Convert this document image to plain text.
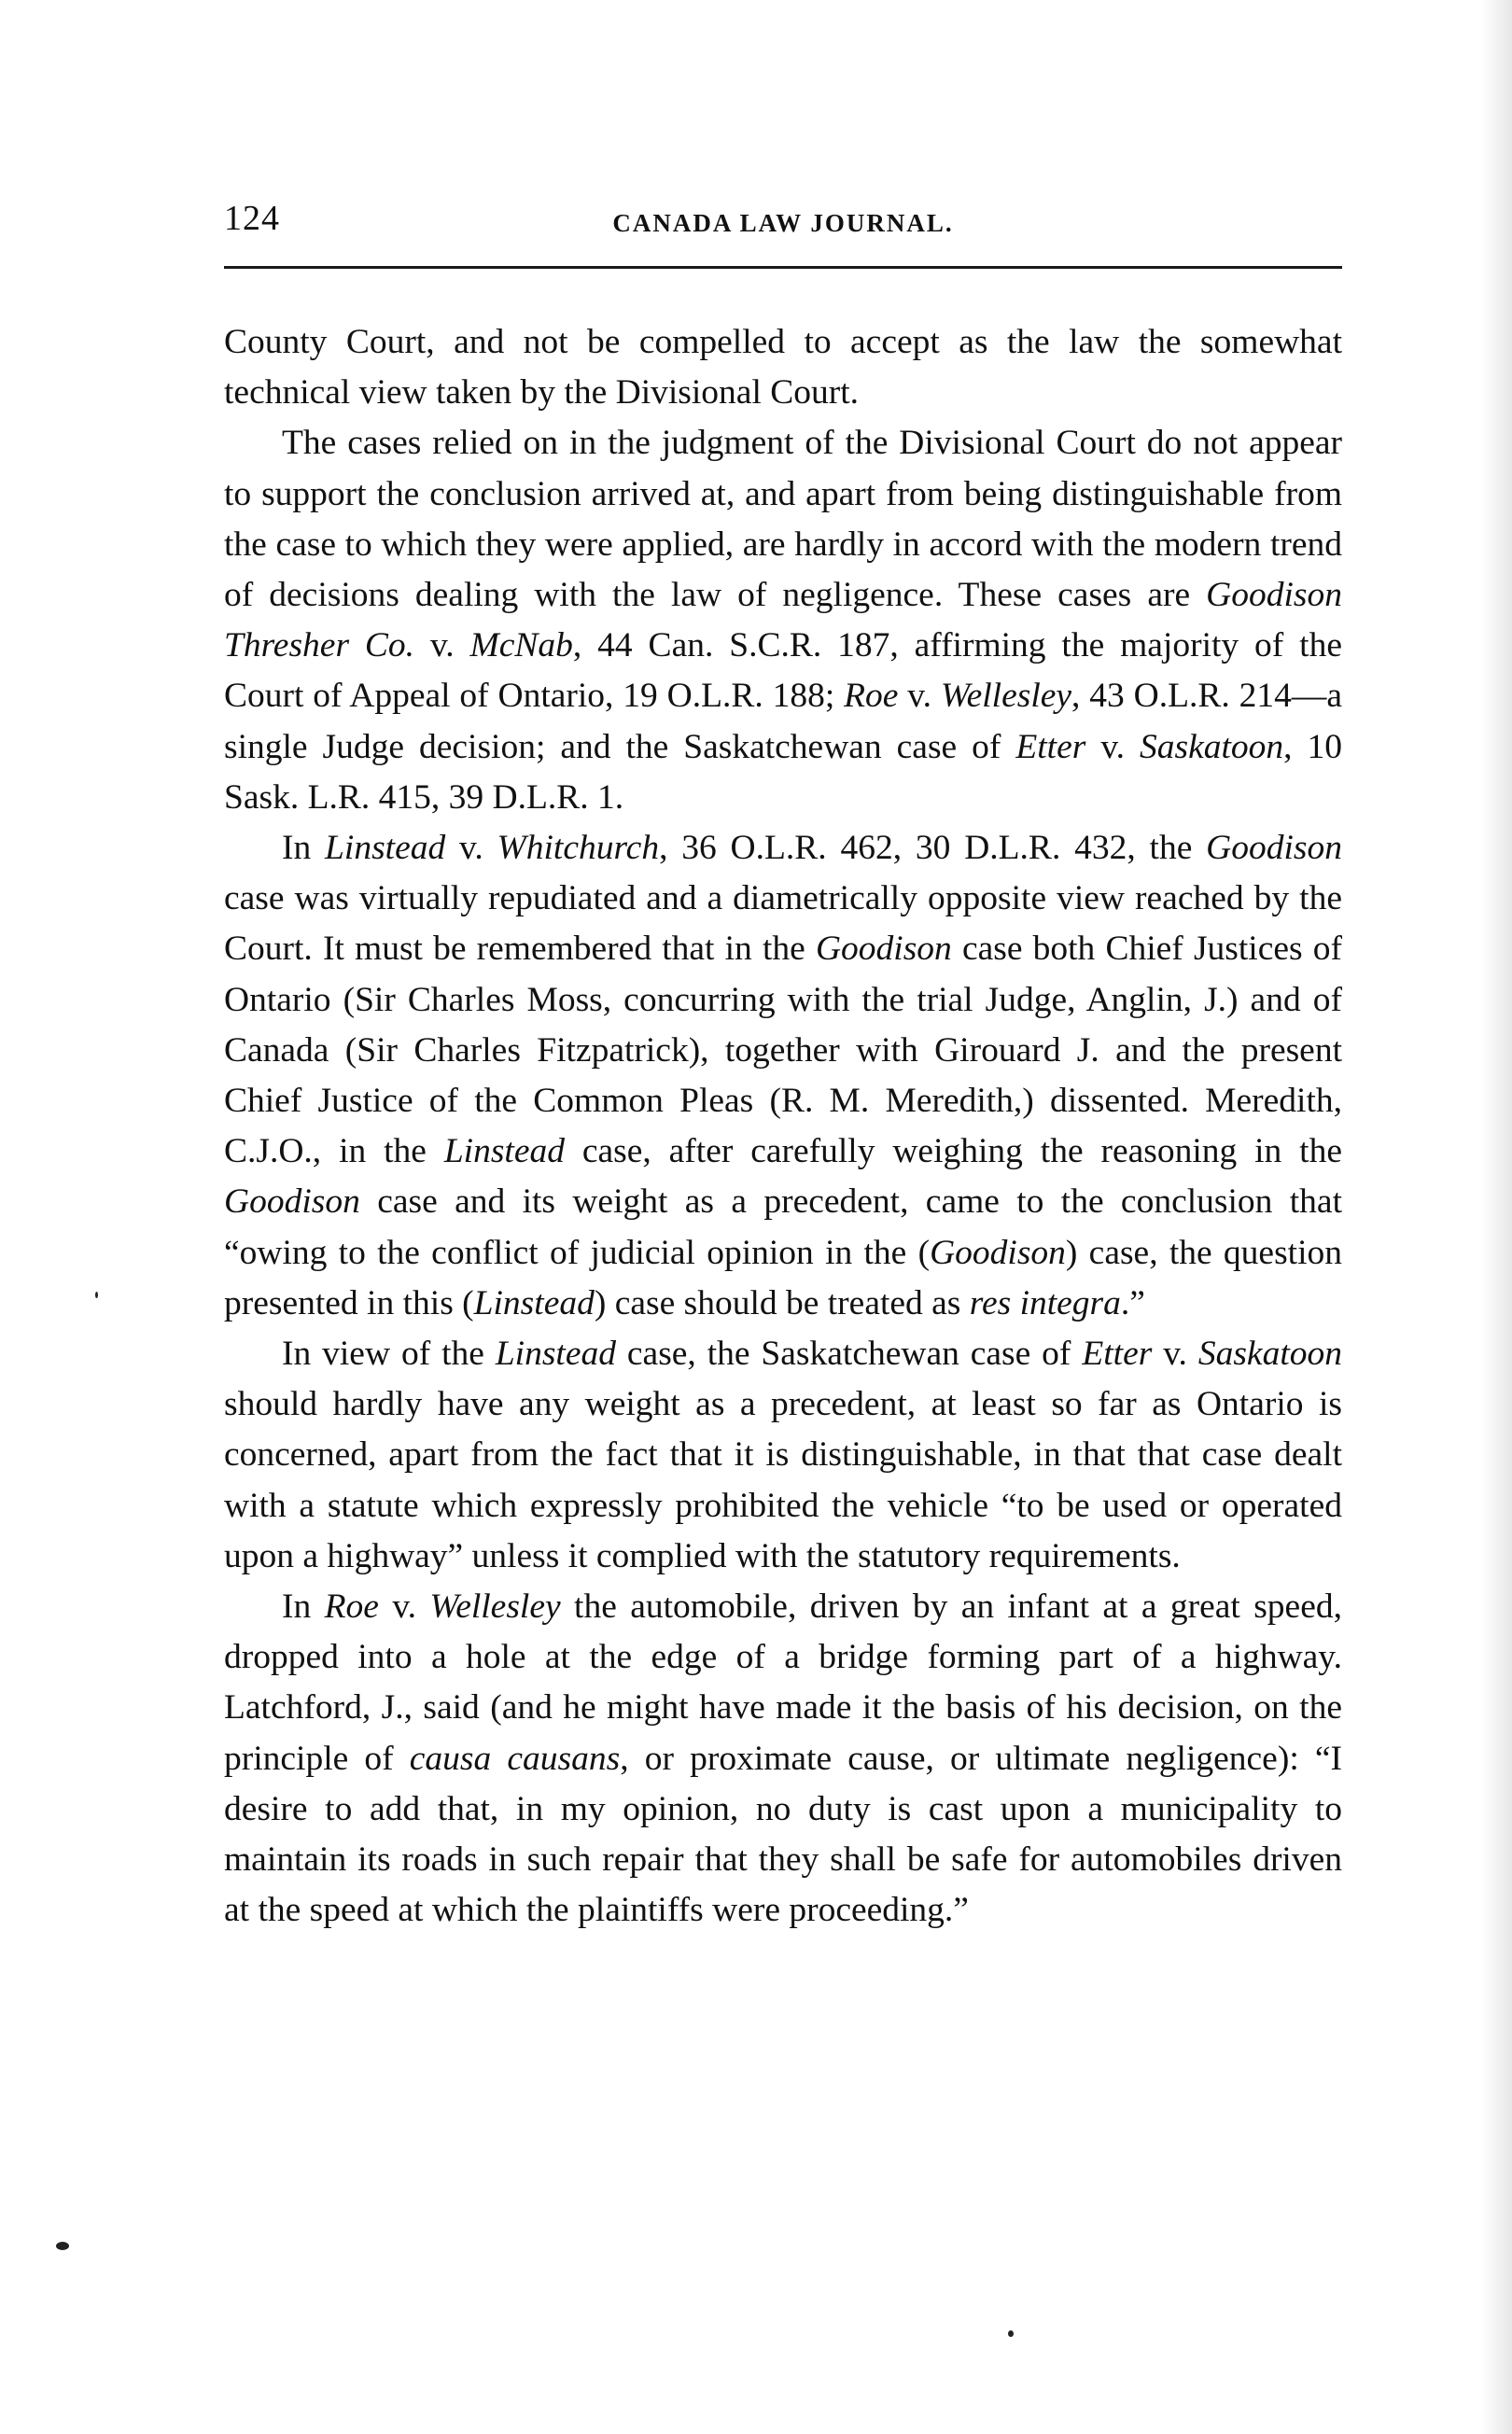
124	CANADA LAW JOURNAL.

County Court, and not be compelled to accept as the law the somewhat technical view taken by the Divisional Court.

The cases relied on in the judgment of the Divisional Court do not appear to support the conclusion arrived at, and apart from being distinguishable from the case to which they were applied, are hardly in accord with the modern trend of decisions dealing with the law of negligence. These cases are Goodison Thresher Co. v. McNab, 44 Can. S.C.R. 187, affirming the majority of the Court of Appeal of Ontario, 19 O.L.R. 188; Roe v. Wellesley, 43 O.L.R. 214—a single Judge decision; and the Saskatchewan case of Etter v. Saskatoon, 10 Sask. L.R. 415, 39 D.L.R. 1.

In Linstead v. Whitchurch, 36 O.L.R. 462, 30 D.L.R. 432, the Goodison case was virtually repudiated and a diametrically opposite view reached by the Court. It must be remembered that in the Goodison case both Chief Justices of Ontario (Sir Charles Moss, concurring with the trial Judge, Anglin, J.) and of Canada (Sir Charles Fitzpatrick), together with Girouard J. and the present Chief Justice of the Common Pleas (R. M. Meredith,) dissented. Meredith, C.J.O., in the Linstead case, after carefully weighing the reasoning in the Goodison case and its weight as a precedent, came to the conclusion that “owing to the conflict of judicial opinion in the (Goodison) case, the question presented in this (Linstead) case should be treated as res integra.”

In view of the Linstead case, the Saskatchewan case of Etter v. Saskatoon should hardly have any weight as a precedent, at least so far as Ontario is concerned, apart from the fact that it is distinguishable, in that that case dealt with a statute which expressly prohibited the vehicle “to be used or operated upon a highway” unless it complied with the statutory requirements.

In Roe v. Wellesley the automobile, driven by an infant at a great speed, dropped into a hole at the edge of a bridge forming part of a highway. Latchford, J., said (and he might have made it the basis of his decision, on the principle of causa causans, or proximate cause, or ultimate negligence): “I desire to add that, in my opinion, no duty is cast upon a municipality to maintain its roads in such repair that they shall be safe for automobiles driven at the speed at which the plaintiffs were proceeding.”
